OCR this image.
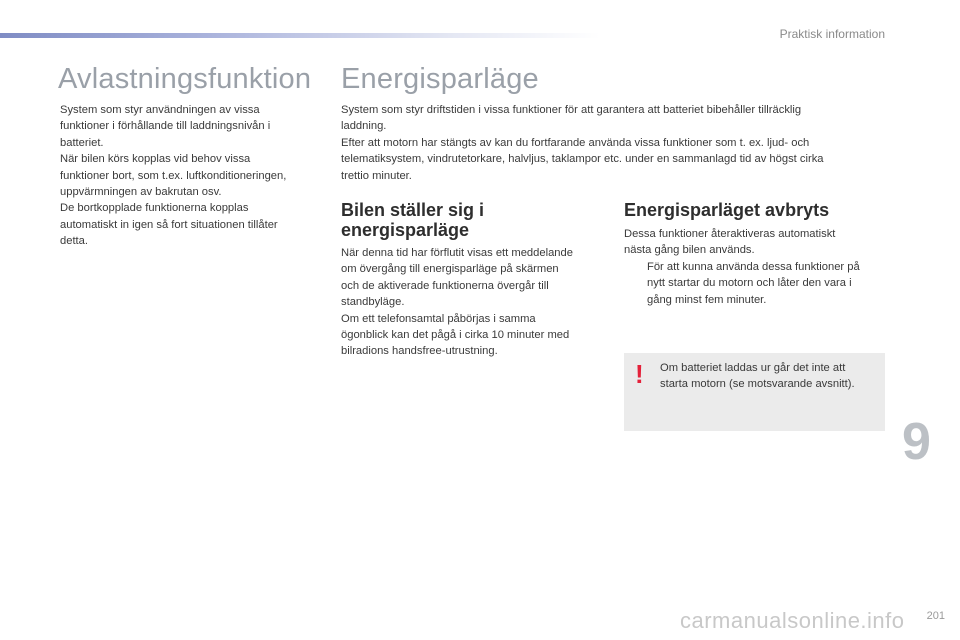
Praktisk information
Avlastningsfunktion
System som styr användningen av vissa
funktioner i förhållande till laddningsnivån i
batteriet.
När bilen körs kopplas vid behov vissa
funktioner bort, som t.ex. luftkonditioneringen,
uppvärmningen av bakrutan osv.
De bortkopplade funktionerna kopplas
automatiskt in igen så fort situationen tillåter
detta.
Energisparläge
System som styr driftstiden i vissa funktioner för att garantera att batteriet bibehåller tillräcklig
laddning.
Efter att motorn har stängts av kan du fortfarande använda vissa funktioner som t. ex. ljud- och
telematiksystem, vindrutetorkare, halvljus, taklampor etc. under en sammanlagd tid av högst cirka
trettio minuter.
Bilen ställer sig i
energisparläge
När denna tid har förflutit visas ett meddelande
om övergång till energisparläge på skärmen
och de aktiverade funktionerna övergår till
standbyläge.
Om ett telefonsamtal påbörjas i samma
ögonblick kan det pågå i cirka 10 minuter med
bilradions handsfree-utrustning.
Energisparläget avbryts
Dessa funktioner återaktiveras automatiskt
nästa gång bilen används.
För att kunna använda dessa funktioner på
nytt startar du motorn och låter den vara i
gång minst fem minuter.
! Om batteriet laddas ur går det inte att
starta motorn (se motsvarande avsnitt).
9
carmanualsonline.info	201
